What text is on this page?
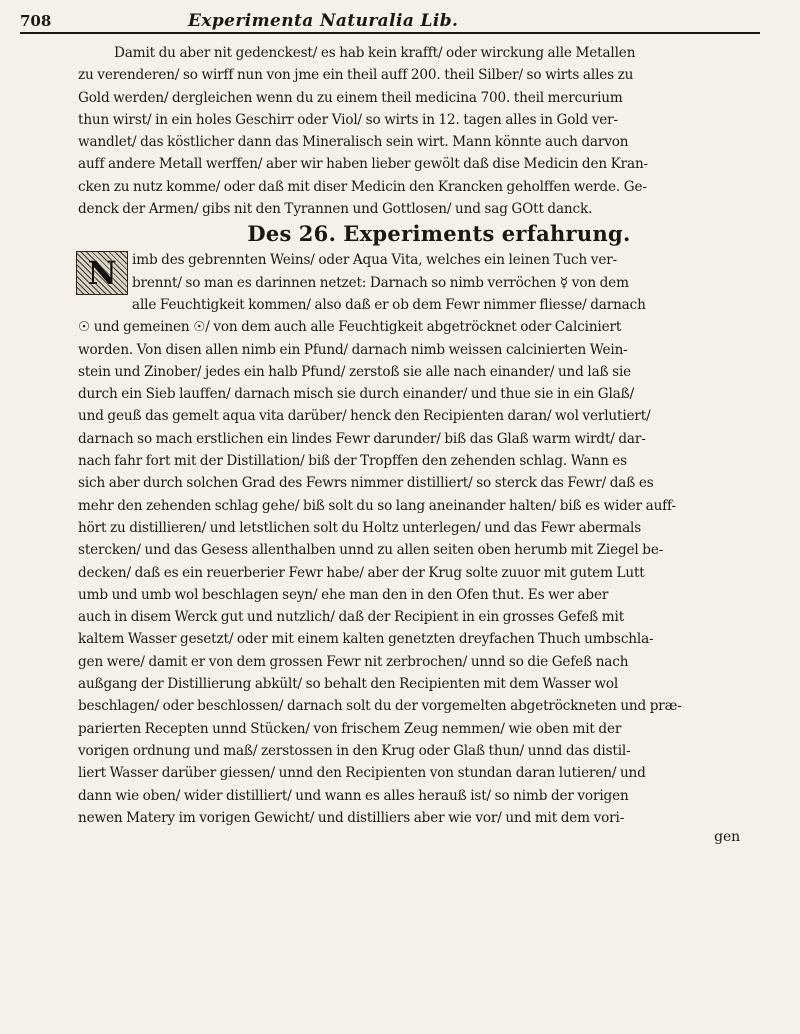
708	Experimenta Naturalia Lib.
Damit du aber nit gedenckest/ es hab kein krafft/ oder wirckung alle Metallen
zu verenderen/ so wirff nun von jme ein theil auff 200. theil Silber/ so wirts alles zu
Gold werden/ dergleichen wenn du zu einem theil medicina 700. theil mercurium
thun wirst/ in ein holes Geschirr oder Viol/ so wirts in 12. tagen alles in Gold ver-
wandlet/ das köstlicher dann das Mineralisch sein wirt. Mann könnte auch darvon
auff andere Metall werffen/ aber wir haben lieber gewölt daß dise Medicin den Kran-
cken zu nutz komme/ oder daß mit diser Medicin den Krancken geholffen werde. Ge-
denck der Armen/ gibs nit den Tyrannen und Gottlosen/ und sag GOtt danck.
Des 26. Experiments erfahrung.
N	imb des gebrennten Weins/ oder Aqua Vita, welches ein leinen Tuch ver-
brennt/ so man es darinnen netzet: Darnach so nimb verröchen ☿ von dem
alle Feuchtigkeit kommen/ also daß er ob dem Fewr nimmer fliesse/ darnach
☉ und gemeinen ☉/ von dem auch alle Feuchtigkeit abgetröcknet oder Calciniert
worden. Von disen allen nimb ein Pfund/ darnach nimb weissen calcinierten Wein-
stein und Zinober/ jedes ein halb Pfund/ zerstoß sie alle nach einander/ und laß sie
durch ein Sieb lauffen/ darnach misch sie durch einander/ und thue sie in ein Glaß/
und geuß das gemelt aqua vita darüber/ henck den Recipienten daran/ wol verlutiert/
darnach so mach erstlichen ein lindes Fewr darunder/ biß das Glaß warm wirdt/ dar-
nach fahr fort mit der Distillation/ biß der Tropffen den zehenden schlag. Wann es
sich aber durch solchen Grad des Fewrs nimmer distilliert/ so sterck das Fewr/ daß es
mehr den zehenden schlag gehe/ biß solt du so lang aneinander halten/ biß es wider auff-
hört zu distillieren/ und letstlichen solt du Holtz unterlegen/ und das Fewr abermals
stercken/ und das Gesess allenthalben unnd zu allen seiten oben herumb mit Ziegel be-
decken/ daß es ein reuerberier Fewr habe/ aber der Krug solte zuuor mit gutem Lutt
umb und umb wol beschlagen seyn/ ehe man den in den Ofen thut. Es wer aber
auch in disem Werck gut und nutzlich/ daß der Recipient in ein grosses Gefeß mit
kaltem Wasser gesetzt/ oder mit einem kalten genetzten dreyfachen Thuch umbschla-
gen were/ damit er von dem grossen Fewr nit zerbrochen/ unnd so die Gefeß nach
außgang der Distillierung abkült/ so behalt den Recipienten mit dem Wasser wol
beschlagen/ oder beschlossen/ darnach solt du der vorgemelten abgetröckneten und præ-
parierten Recepten unnd Stücken/ von frischem Zeug nemmen/ wie oben mit der
vorigen ordnung und maß/ zerstossen in den Krug oder Glaß thun/ unnd das distil-
liert Wasser darüber giessen/ unnd den Recipienten von stundan daran lutieren/ und
dann wie oben/ wider distilliert/ und wann es alles herauß ist/ so nimb der vorigen
newen Matery im vorigen Gewicht/ und distilliers aber wie vor/ und mit dem vori-
gen
